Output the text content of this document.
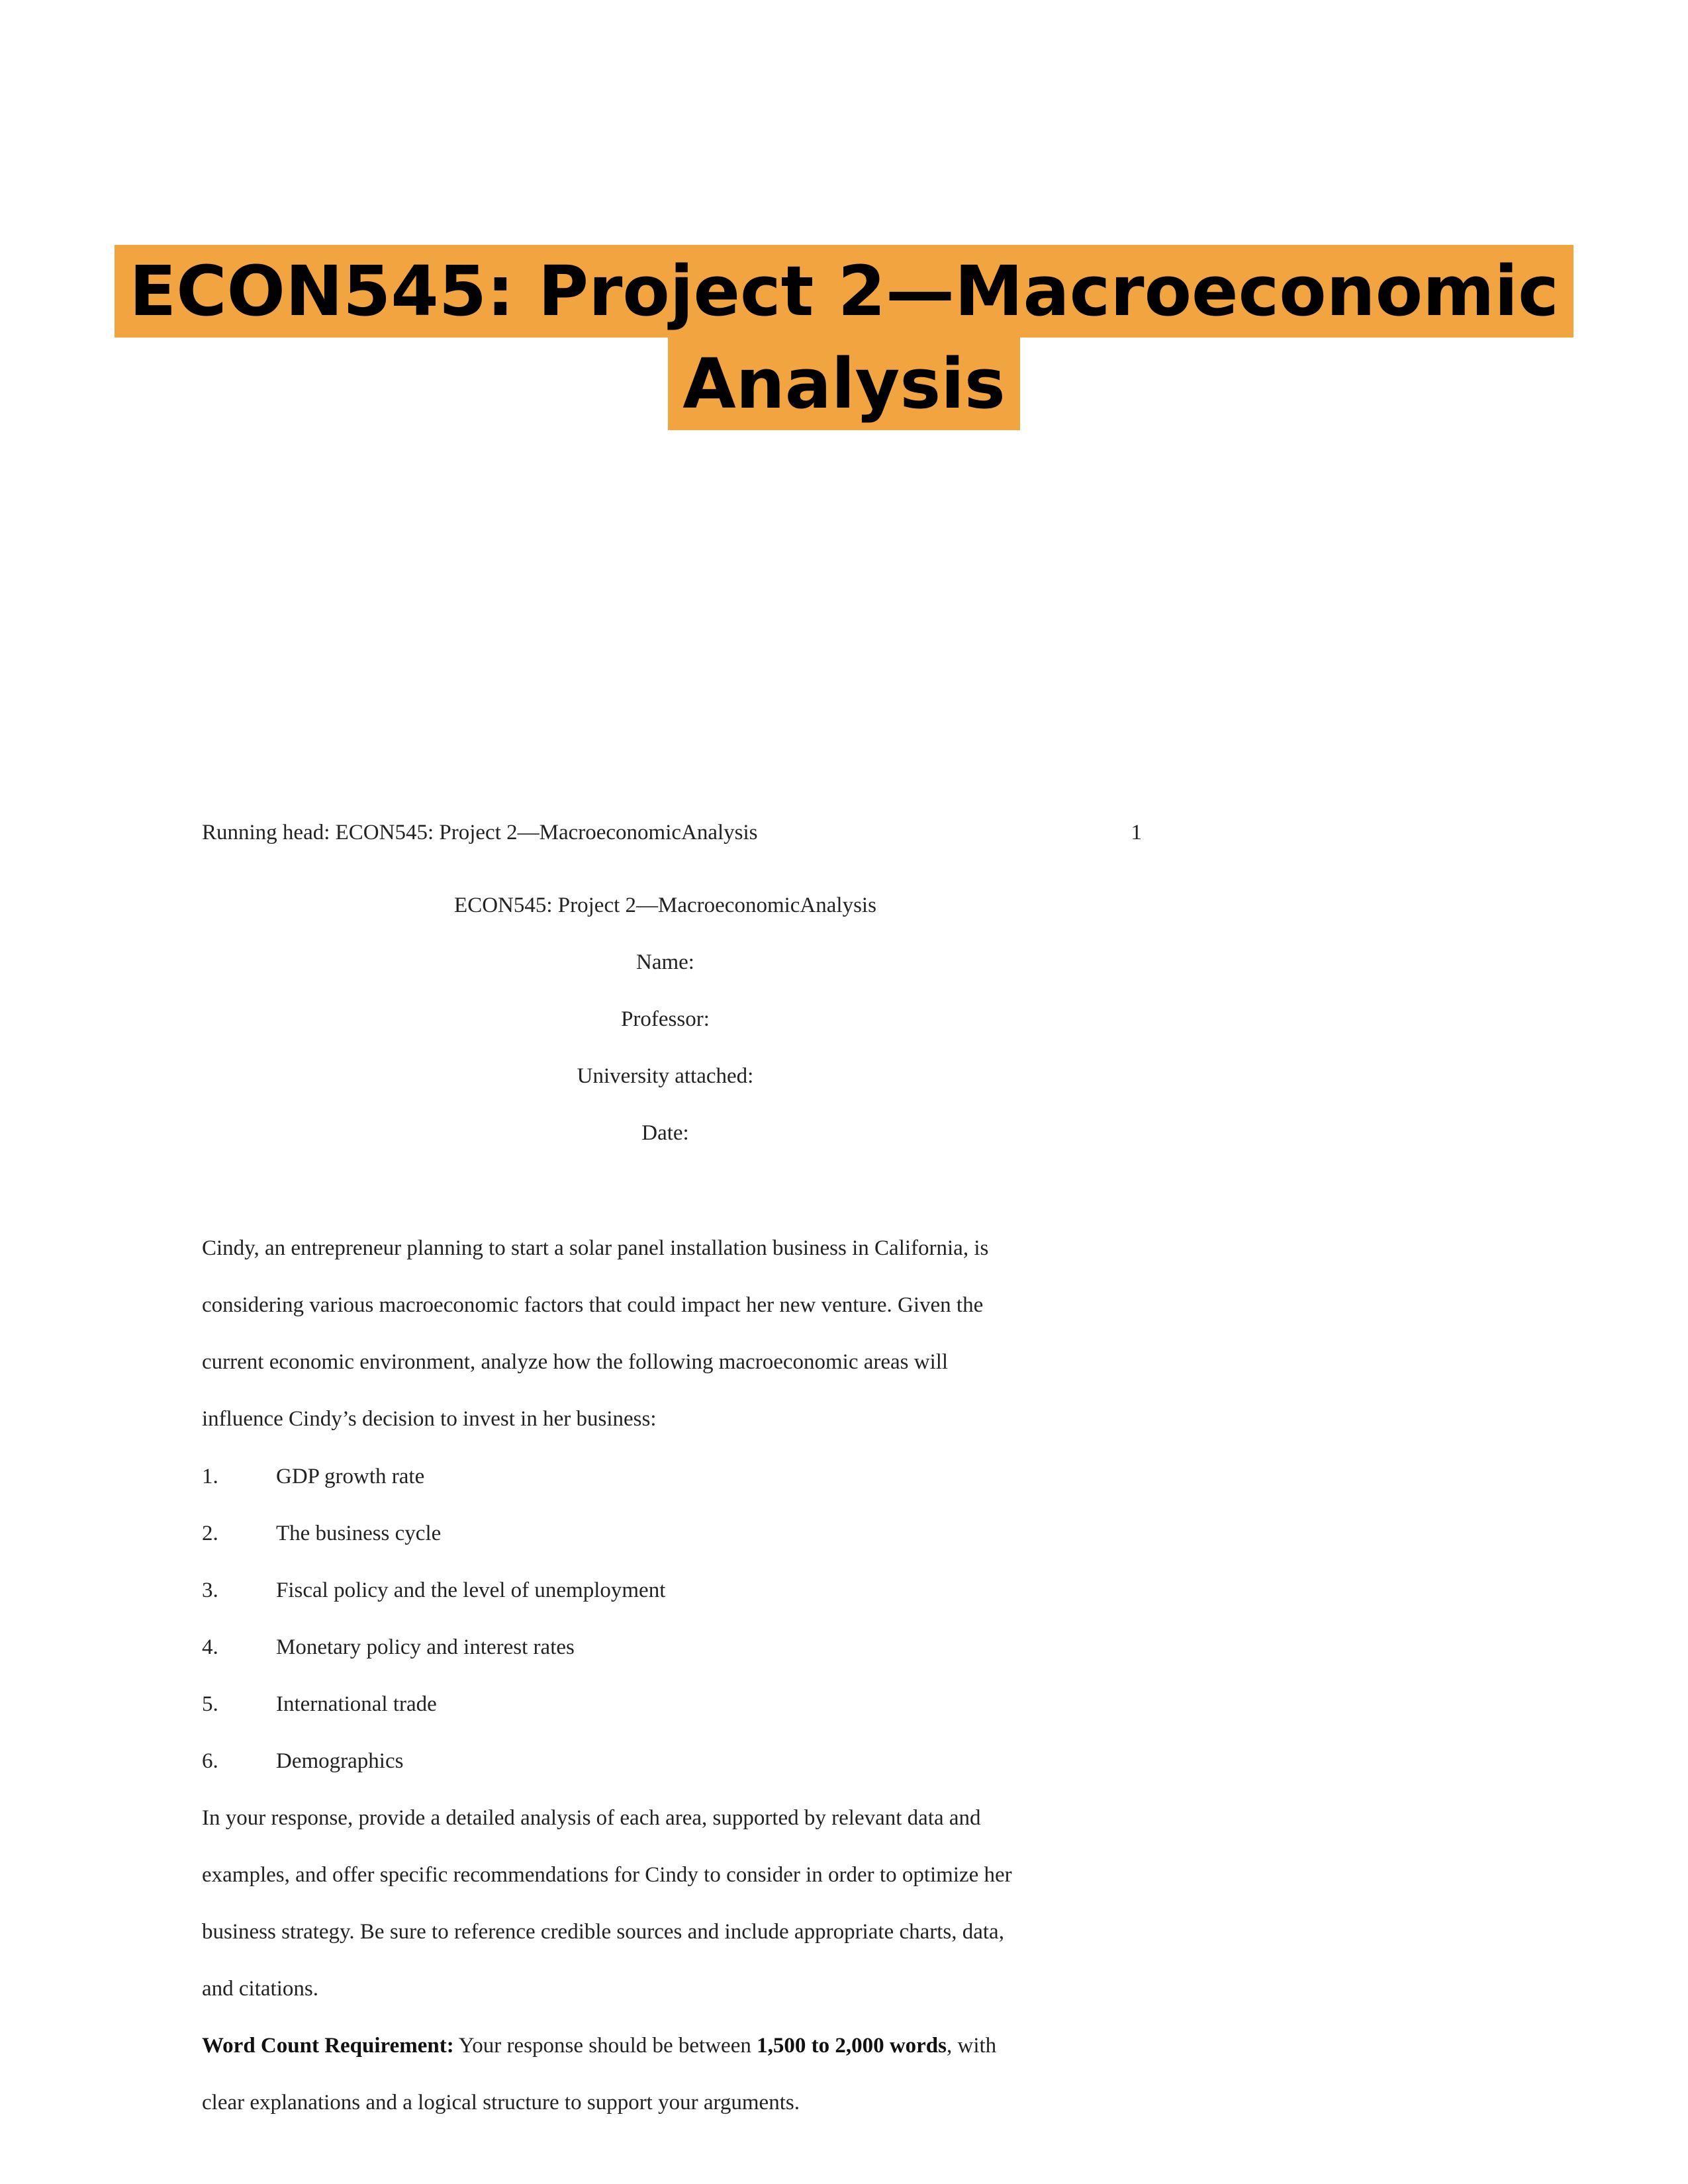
ECON545: Project 2—Macroeconomic
Analysis
Running head: ECON545: Project 2—MacroeconomicAnalysis	1
ECON545: Project 2—MacroeconomicAnalysis
Name:
Professor:
University attached:
Date:

Cindy, an entrepreneur planning to start a solar panel installation business in California, is

considering various macroeconomic factors that could impact her new venture. Given the

current economic environment, analyze how the following macroeconomic areas will

influence Cindy’s decision to invest in her business:

1.	GDP growth rate
2.	The business cycle
3.	Fiscal policy and the level of unemployment
4.	Monetary policy and interest rates
5.	International trade
6.	Demographics

In your response, provide a detailed analysis of each area, supported by relevant data and

examples, and offer specific recommendations for Cindy to consider in order to optimize her

business strategy. Be sure to reference credible sources and include appropriate charts, data,

and citations.

Word Count Requirement: Your response should be between 1,500 to 2,000 words, with

clear explanations and a logical structure to support your arguments.
